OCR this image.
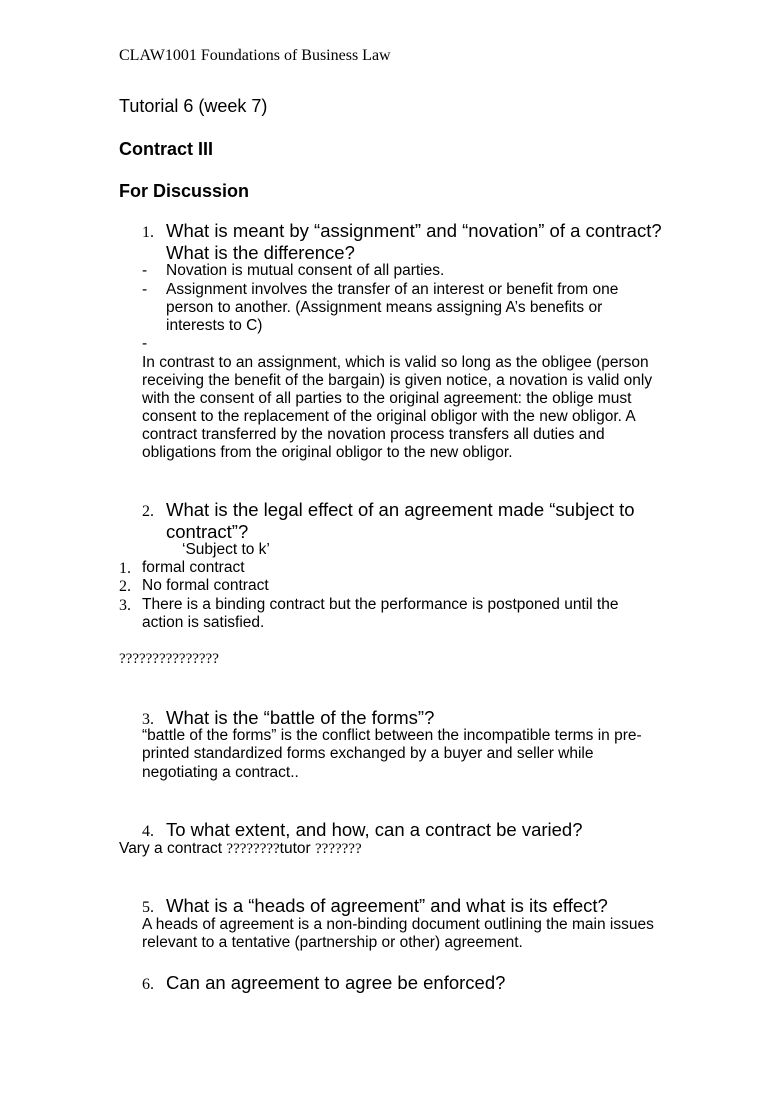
CLAW1001 Foundations of Business Law
Tutorial 6 (week 7)
Contract III
For Discussion
1. What is meant by “assignment” and “novation” of a contract?
What is the difference?
- Novation is mutual consent of all parties.
- Assignment involves the transfer of an interest or benefit from one
person to another. (Assignment means assigning A’s benefits or
interests to C)
-
In contrast to an assignment, which is valid so long as the obligee (person
receiving the benefit of the bargain) is given notice, a novation is valid only
with the consent of all parties to the original agreement: the oblige must
consent to the replacement of the original obligor with the new obligor. A
contract transferred by the novation process transfers all duties and
obligations from the original obligor to the new obligor.
2. What is the legal effect of an agreement made “subject to
contract”?
‘Subject to k’
1. formal contract
2. No formal contract
3. There is a binding contract but the performance is postponed until the
action is satisfied.
???????????????
3. What is the “battle of the forms”?
“battle of the forms” is the conflict between the incompatible terms in pre-
printed standardized forms exchanged by a buyer and seller while
negotiating a contract..
4. To what extent, and how, can a contract be varied?
Vary a contract ????????tutor ???????
5. What is a “heads of agreement” and what is its effect?
A heads of agreement is a non-binding document outlining the main issues
relevant to a tentative (partnership or other) agreement.
6. Can an agreement to agree be enforced?
